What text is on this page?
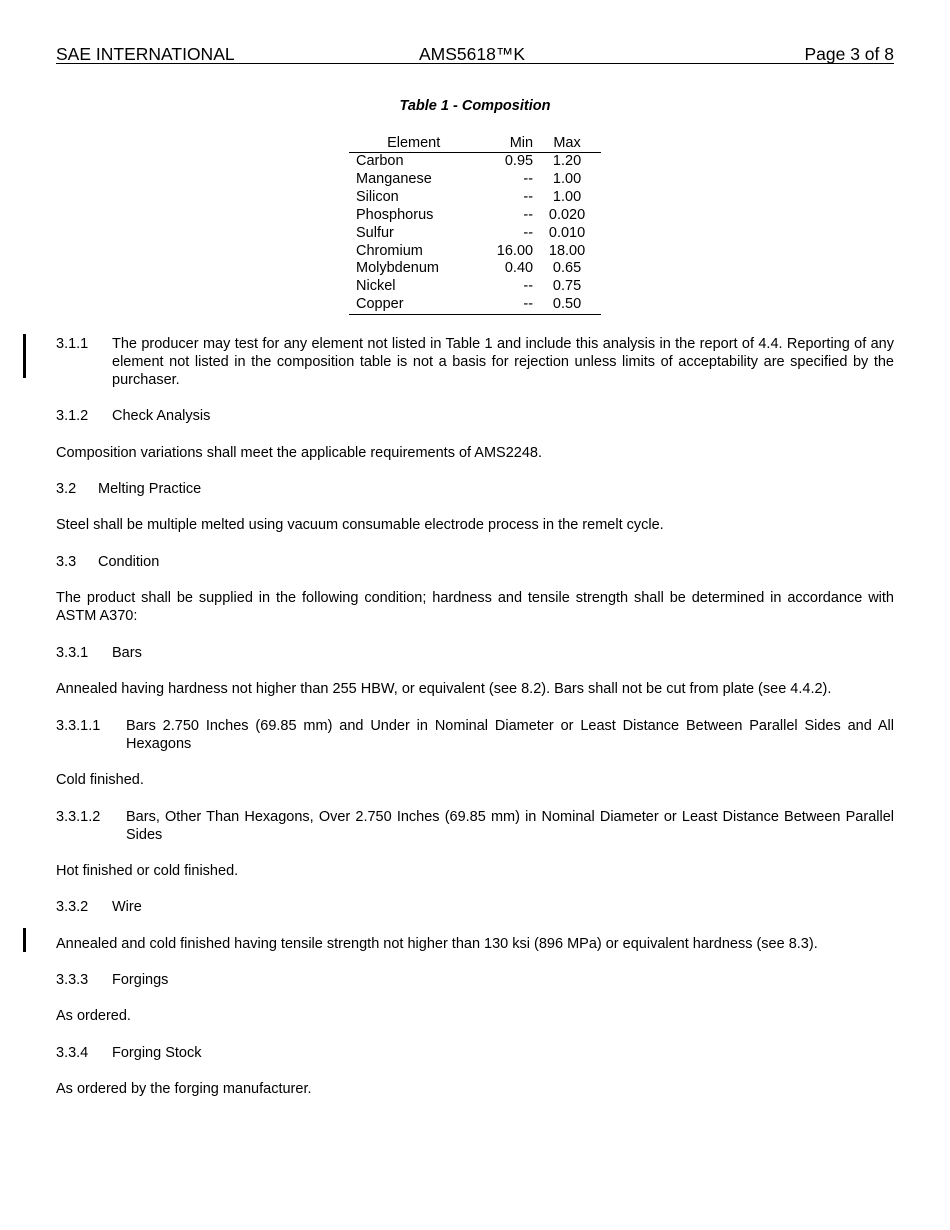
SAE INTERNATIONAL	AMS5618™K	Page 3 of 8
Table 1 - Composition
Element	Min	Max
Carbon	0.95	1.20
Manganese	--	1.00
Silicon	--	1.00
Phosphorus	--	0.020
Sulfur	--	0.010
Chromium	16.00	18.00
Molybdenum	0.40	0.65
Nickel	--	0.75
Copper	--	0.50
3.1.1 The producer may test for any element not listed in Table 1 and include this analysis in the report of 4.4. Reporting of any element not listed in the composition table is not a basis for rejection unless limits of acceptability are specified by the purchaser.

3.1.2 Check Analysis

Composition variations shall meet the applicable requirements of AMS2248.

3.2 Melting Practice

Steel shall be multiple melted using vacuum consumable electrode process in the remelt cycle.

3.3 Condition

The product shall be supplied in the following condition; hardness and tensile strength shall be determined in accordance with ASTM A370:

3.3.1 Bars

Annealed having hardness not higher than 255 HBW, or equivalent (see 8.2). Bars shall not be cut from plate (see 4.4.2).

3.3.1.1 Bars 2.750 Inches (69.85 mm) and Under in Nominal Diameter or Least Distance Between Parallel Sides and All Hexagons

Cold finished.

3.3.1.2 Bars, Other Than Hexagons, Over 2.750 Inches (69.85 mm) in Nominal Diameter or Least Distance Between Parallel Sides

Hot finished or cold finished.

3.3.2 Wire

Annealed and cold finished having tensile strength not higher than 130 ksi (896 MPa) or equivalent hardness (see 8.3).

3.3.3 Forgings

As ordered.

3.3.4 Forging Stock

As ordered by the forging manufacturer.
